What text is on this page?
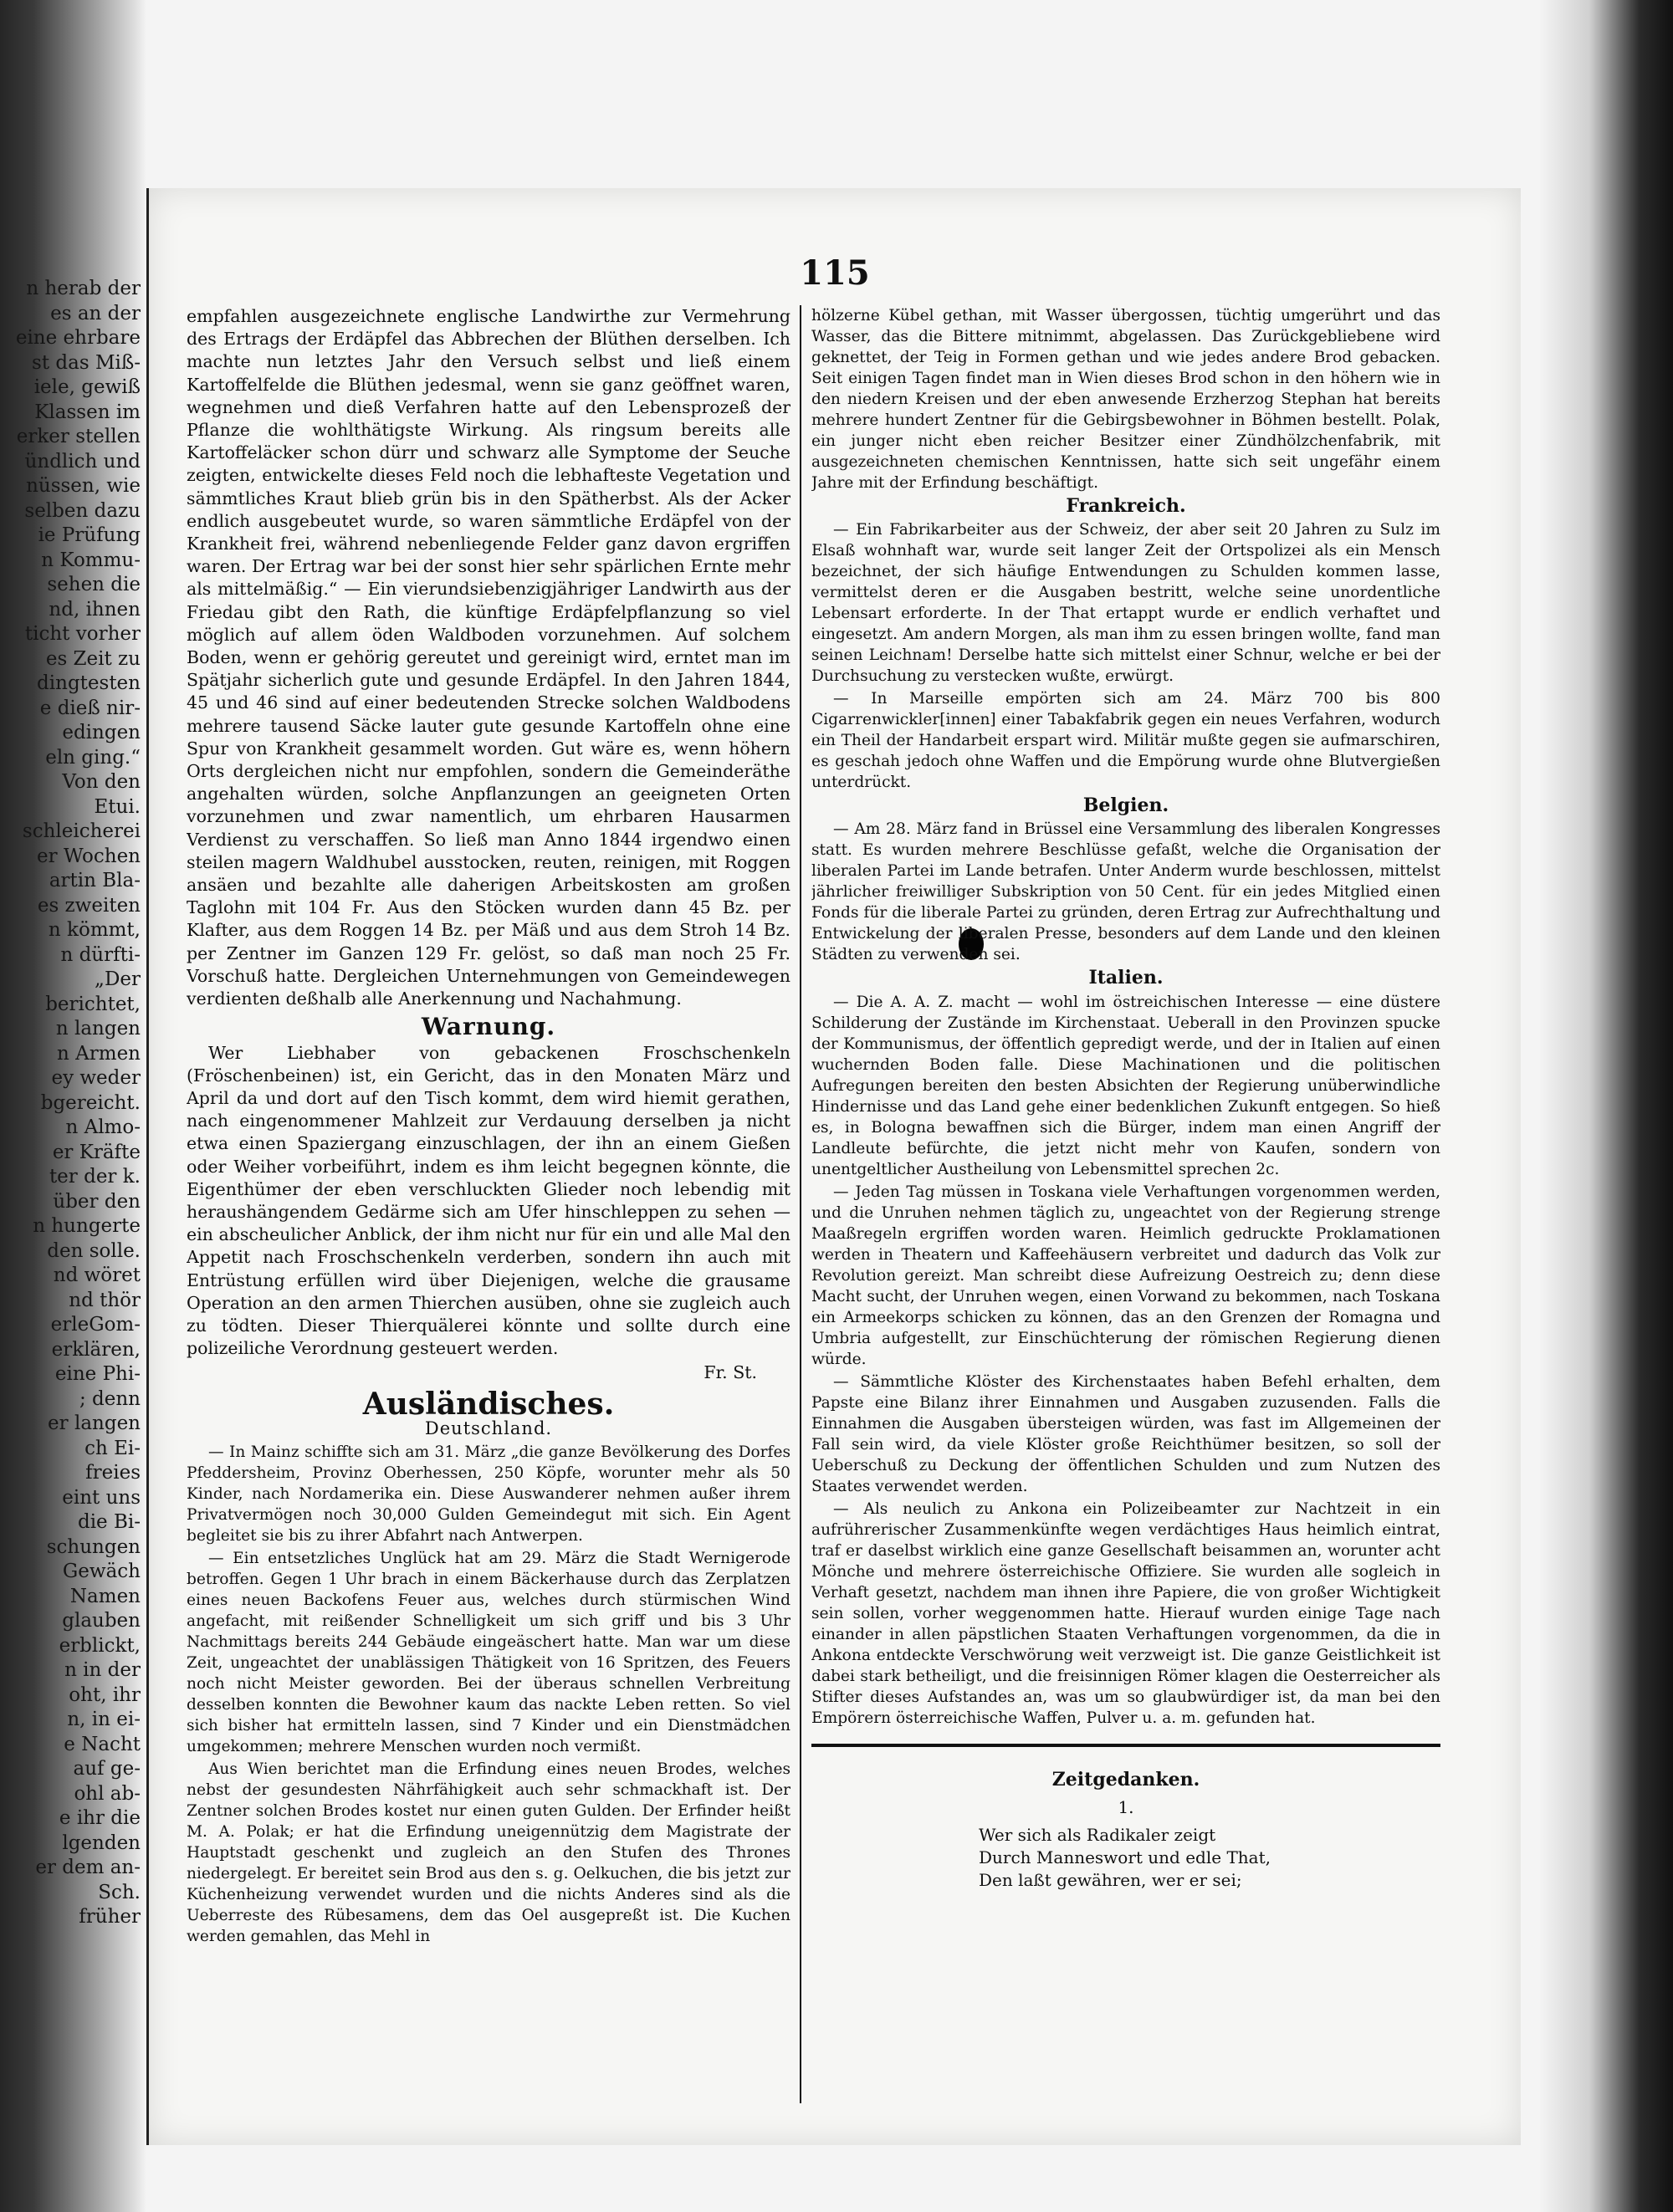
n herab der
es an der
eine ehrbare
st das Miß-
iele, gewiß
Klassen im
erker stellen
ündlich und
nüssen, wie
selben dazu
ie Prüfung
n Kommu-
sehen die
nd, ihnen
ticht vorher
es Zeit zu
dingtesten
e dieß nir-
edingen
eln ging.“
Von den
Etui.
schleicherei
er Wochen
artin Bla-
es zweiten
n kömmt,
n dürfti-
„Der
berichtet,
n langen
n Armen
ey weder
bgereicht.
n Almo-
er Kräfte
ter der k.
über den
n hungerte
den solle.
nd wöret
nd thör
erleGom-
erklären,
eine Phi-
; denn
er langen
ch Ei-
freies
eint uns
die Bi-
schungen
Gewäch
Namen
glauben
erblickt,
n in der
oht, ihr
n, in ei-
e Nacht
auf ge-
ohl ab-
e ihr die
lgenden
er dem an-
Sch.
früher
115

empfahlen ausgezeichnete englische Landwirthe zur Vermehrung des Ertrags der Erdäpfel das Abbrechen der Blüthen derselben. Ich machte nun letztes Jahr den Versuch selbst und ließ einem Kartoffelfelde die Blüthen jedesmal, wenn sie ganz geöffnet waren, wegnehmen und dieß Verfahren hatte auf den Lebensprozeß der Pflanze die wohlthätigste Wirkung. Als ringsum bereits alle Kartoffeläcker schon dürr und schwarz alle Symptome der Seuche zeigten, entwickelte dieses Feld noch die lebhafteste Vegetation und sämmtliches Kraut blieb grün bis in den Spätherbst. Als der Acker endlich ausgebeutet wurde, so waren sämmtliche Erdäpfel von der Krankheit frei, während nebenliegende Felder ganz davon ergriffen waren. Der Ertrag war bei der sonst hier sehr spärlichen Ernte mehr als mittelmäßig.“ — Ein vierundsiebenzigjähriger Landwirth aus der Friedau gibt den Rath, die künftige Erdäpfelpflanzung so viel möglich auf allem öden Waldboden vorzunehmen. Auf solchem Boden, wenn er gehörig gereutet und gereinigt wird, erntet man im Spätjahr sicherlich gute und gesunde Erdäpfel. In den Jahren 1844, 45 und 46 sind auf einer bedeutenden Strecke solchen Waldbodens mehrere tausend Säcke lauter gute gesunde Kartoffeln ohne eine Spur von Krankheit gesammelt worden. Gut wäre es, wenn höhern Orts dergleichen nicht nur empfohlen, sondern die Gemeinderäthe angehalten würden, solche Anpflanzungen an geeigneten Orten vorzunehmen und zwar namentlich, um ehrbaren Hausarmen Verdienst zu verschaffen. So ließ man Anno 1844 irgendwo einen steilen magern Waldhubel ausstocken, reuten, reinigen, mit Roggen ansäen und bezahlte alle daherigen Arbeitskosten am großen Taglohn mit 104 Fr. Aus den Stöcken wurden dann 45 Bz. per Klafter, aus dem Roggen 14 Bz. per Mäß und aus dem Stroh 14 Bz. per Zentner im Ganzen 129 Fr. gelöst, so daß man noch 25 Fr. Vorschuß hatte. Dergleichen Unternehmungen von Gemeindewegen verdienten deßhalb alle Anerkennung und Nachahmung.

Warnung.

Wer Liebhaber von gebackenen Froschschenkeln (Fröschenbeinen) ist, ein Gericht, das in den Monaten März und April da und dort auf den Tisch kommt, dem wird hiemit gerathen, nach eingenommener Mahlzeit zur Verdauung derselben ja nicht etwa einen Spaziergang einzuschlagen, der ihn an einem Gießen oder Weiher vorbeiführt, indem es ihm leicht begegnen könnte, die Eigenthümer der eben verschluckten Glieder noch lebendig mit heraushängendem Gedärme sich am Ufer hinschleppen zu sehen — ein abscheulicher Anblick, der ihm nicht nur für ein und alle Mal den Appetit nach Froschschenkeln verderben, sondern ihn auch mit Entrüstung erfüllen wird über Diejenigen, welche die grausame Operation an den armen Thierchen ausüben, ohne sie zugleich auch zu tödten. Dieser Thierquälerei könnte und sollte durch eine polizeiliche Verordnung gesteuert werden.

Fr. St.
Ausländisches.
Deutschland.

— In Mainz schiffte sich am 31. März „die ganze Bevölkerung des Dorfes Pfeddersheim, Provinz Oberhessen, 250 Köpfe, worunter mehr als 50 Kinder, nach Nordamerika ein. Diese Auswanderer nehmen außer ihrem Privatvermögen noch 30,000 Gulden Gemeindegut mit sich. Ein Agent begleitet sie bis zu ihrer Abfahrt nach Antwerpen.

— Ein entsetzliches Unglück hat am 29. März die Stadt Wernigerode betroffen. Gegen 1 Uhr brach in einem Bäckerhause durch das Zerplatzen eines neuen Backofens Feuer aus, welches durch stürmischen Wind angefacht, mit reißender Schnelligkeit um sich griff und bis 3 Uhr Nachmittags bereits 244 Gebäude eingeäschert hatte. Man war um diese Zeit, ungeachtet der unablässigen Thätigkeit von 16 Spritzen, des Feuers noch nicht Meister geworden. Bei der überaus schnellen Verbreitung desselben konnten die Bewohner kaum das nackte Leben retten. So viel sich bisher hat ermitteln lassen, sind 7 Kinder und ein Dienstmädchen umgekommen; mehrere Menschen wurden noch vermißt.

Aus Wien berichtet man die Erfindung eines neuen Brodes, welches nebst der gesundesten Nährfähigkeit auch sehr schmackhaft ist. Der Zentner solchen Brodes kostet nur einen guten Gulden. Der Erfinder heißt M. A. Polak; er hat die Erfindung uneigennützig dem Magistrate der Hauptstadt geschenkt und zugleich an den Stufen des Thrones niedergelegt. Er bereitet sein Brod aus den s. g. Oelkuchen, die bis jetzt zur Küchenheizung verwendet wurden und die nichts Anderes sind als die Ueberreste des Rübesamens, dem das Oel ausgepreßt ist. Die Kuchen werden gemahlen, das Mehl in

hölzerne Kübel gethan, mit Wasser übergossen, tüchtig umgerührt und das Wasser, das die Bittere mitnimmt, abgelassen. Das Zurückgebliebene wird geknettet, der Teig in Formen gethan und wie jedes andere Brod gebacken. Seit einigen Tagen findet man in Wien dieses Brod schon in den höhern wie in den niedern Kreisen und der eben anwesende Erzherzog Stephan hat bereits mehrere hundert Zentner für die Gebirgsbewohner in Böhmen bestellt. Polak, ein junger nicht eben reicher Besitzer einer Zündhölzchenfabrik, mit ausgezeichneten chemischen Kenntnissen, hatte sich seit ungefähr einem Jahre mit der Erfindung beschäftigt.

Frankreich.

— Ein Fabrikarbeiter aus der Schweiz, der aber seit 20 Jahren zu Sulz im Elsaß wohnhaft war, wurde seit langer Zeit der Ortspolizei als ein Mensch bezeichnet, der sich häufige Entwendungen zu Schulden kommen lasse, vermittelst deren er die Ausgaben bestritt, welche seine unordentliche Lebensart erforderte. In der That ertappt wurde er endlich verhaftet und eingesetzt. Am andern Morgen, als man ihm zu essen bringen wollte, fand man seinen Leichnam! Derselbe hatte sich mittelst einer Schnur, welche er bei der Durchsuchung zu verstecken wußte, erwürgt.

— In Marseille empörten sich am 24. März 700 bis 800 Cigarrenwickler[innen] einer Tabakfabrik gegen ein neues Verfahren, wodurch ein Theil der Handarbeit erspart wird. Militär mußte gegen sie aufmarschiren, es geschah jedoch ohne Waffen und die Empörung wurde ohne Blutvergießen unterdrückt.

Belgien.

— Am 28. März fand in Brüssel eine Versammlung des liberalen Kongresses statt. Es wurden mehrere Beschlüsse gefaßt, welche die Organisation der liberalen Partei im Lande betrafen. Unter Anderm wurde beschlossen, mittelst jährlicher freiwilliger Subskription von 50 Cent. für ein jedes Mitglied einen Fonds für die liberale Partei zu gründen, deren Ertrag zur Aufrechthaltung und Entwickelung der liberalen Presse, besonders auf dem Lande und den kleinen Städten zu verwenden sei.

Italien.

— Die A. A. Z. macht — wohl im östreichischen Interesse — eine düstere Schilderung der Zustände im Kirchenstaat. Ueberall in den Provinzen spucke der Kommunismus, der öffentlich gepredigt werde, und der in Italien auf einen wuchernden Boden falle. Diese Machinationen und die politischen Aufregungen bereiten den besten Absichten der Regierung unüberwindliche Hindernisse und das Land gehe einer bedenklichen Zukunft entgegen. So hieß es, in Bologna bewaffnen sich die Bürger, indem man einen Angriff der Landleute befürchte, die jetzt nicht mehr von Kaufen, sondern von unentgeltlicher Austheilung von Lebensmittel sprechen 2c.

— Jeden Tag müssen in Toskana viele Verhaftungen vorgenommen werden, und die Unruhen nehmen täglich zu, ungeachtet von der Regierung strenge Maaßregeln ergriffen worden waren. Heimlich gedruckte Proklamationen werden in Theatern und Kaffeehäusern verbreitet und dadurch das Volk zur Revolution gereizt. Man schreibt diese Aufreizung Oestreich zu; denn diese Macht sucht, der Unruhen wegen, einen Vorwand zu bekommen, nach Toskana ein Armeekorps schicken zu können, das an den Grenzen der Romagna und Umbria aufgestellt, zur Einschüchterung der römischen Regierung dienen würde.

— Sämmtliche Klöster des Kirchenstaates haben Befehl erhalten, dem Papste eine Bilanz ihrer Einnahmen und Ausgaben zuzusenden. Falls die Einnahmen die Ausgaben übersteigen würden, was fast im Allgemeinen der Fall sein wird, da viele Klöster große Reichthümer besitzen, so soll der Ueberschuß zu Deckung der öffentlichen Schulden und zum Nutzen des Staates verwendet werden.

— Als neulich zu Ankona ein Polizeibeamter zur Nachtzeit in ein aufrührerischer Zusammenkünfte wegen verdächtiges Haus heimlich eintrat, traf er daselbst wirklich eine ganze Gesellschaft beisammen an, worunter acht Mönche und mehrere österreichische Offiziere. Sie wurden alle sogleich in Verhaft gesetzt, nachdem man ihnen ihre Papiere, die von großer Wichtigkeit sein sollen, vorher weggenommen hatte. Hierauf wurden einige Tage nach einander in allen päpstlichen Staaten Verhaftungen vorgenommen, da die in Ankona entdeckte Verschwörung weit verzweigt ist. Die ganze Geistlichkeit ist dabei stark betheiligt, und die freisinnigen Römer klagen die Oesterreicher als Stifter dieses Aufstandes an, was um so glaubwürdiger ist, da man bei den Empörern österreichische Waffen, Pulver u. a. m. gefunden hat.

Zeitgedanken.
1.
Wer sich als Radikaler zeigt
Durch Manneswort und edle That,
Den laßt gewähren, wer er sei;
